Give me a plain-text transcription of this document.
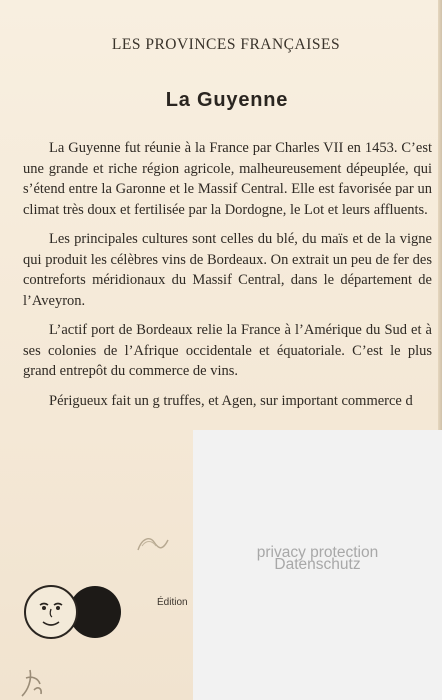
LES PROVINCES FRANÇAISES
La Guyenne

La Guyenne fut réunie à la France par Charles VII en 1453. C’est une grande et riche région agricole, malheureusement dépeuplée, qui s’étend entre la Garonne et le Massif Central. Elle est favorisée par un climat très doux et fertilisée par la Dordogne, le Lot et leurs affluents.

Les principales cultures sont celles du blé, du maïs et de la vigne qui produit les célèbres vins de Bordeaux. On extrait un peu de fer des contreforts méridionaux du Massif Central, dans le département de l’Aveyron.

L’actif port de Bordeaux relie la France à l’Amérique du Sud et à ses colonies de l’Afrique occidentale et équatoriale. C’est le plus grand entrepôt du commerce de vins.

Périgueux fait un g truffes, et Agen, sur important commerce d

Édition
privacy protection
Datenschutz
